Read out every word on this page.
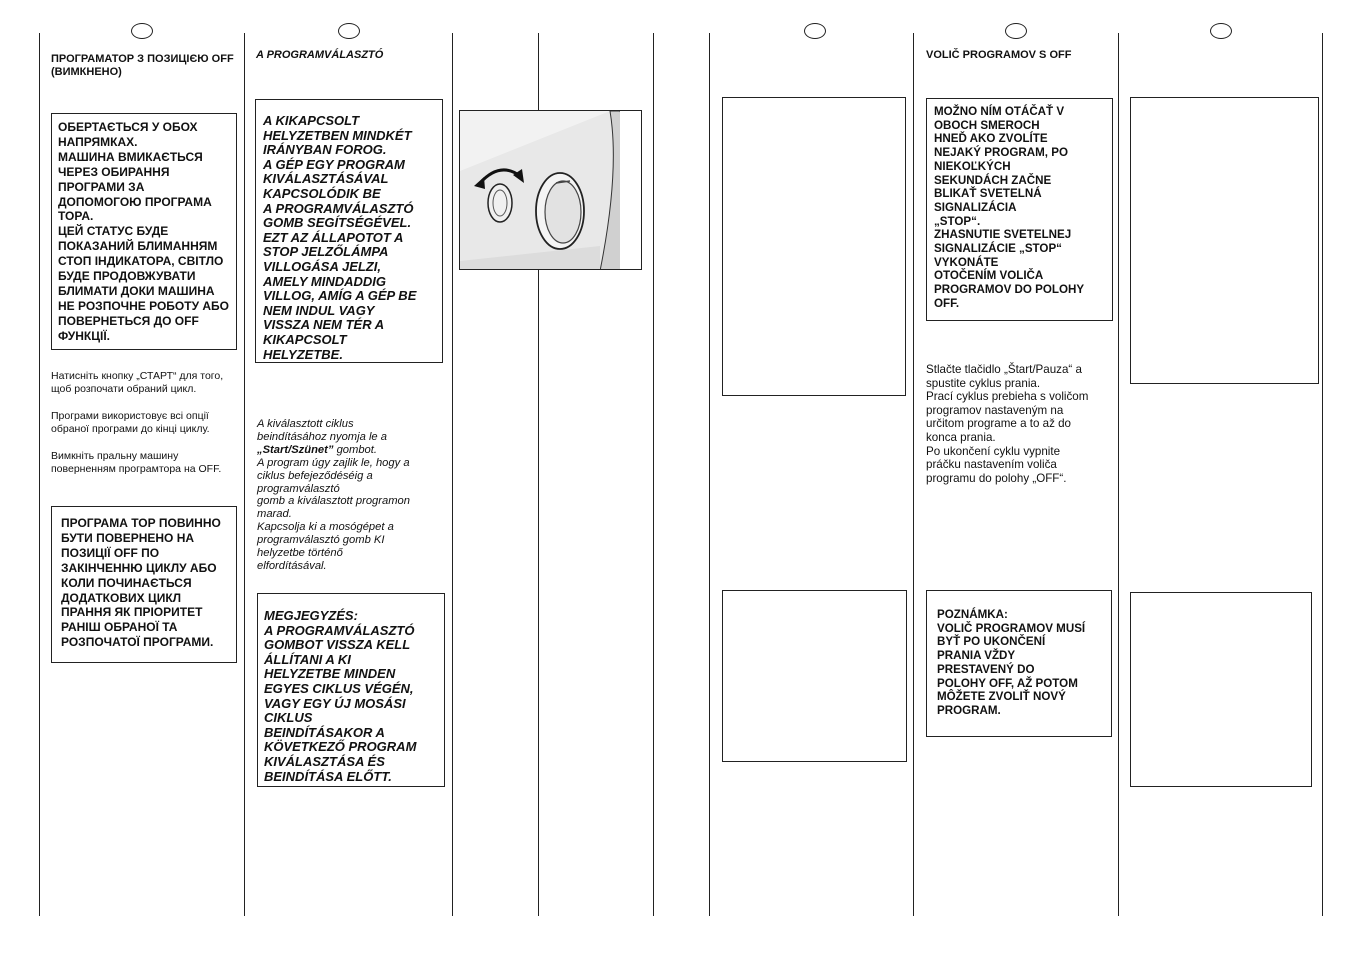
ПРОГРАМАТОР З ПОЗИЦІЄЮ OFF
(ВИМКНЕНО)
ОБЕРТАЄТЬСЯ У ОБОХ
НАПРЯМКАХ.
МАШИНА ВМИКАЄТЬСЯ
ЧЕРЕЗ ОБИРАННЯ
ПРОГРАМИ ЗА
ДОПОМОГОЮ ПРОГРАМА
ТОРА.
ЦЕЙ СТАТУС БУДЕ
ПОКАЗАНИЙ БЛИМАННЯМ
СТОП ІНДИКАТОРА, СВІТЛО
БУДЕ ПРОДОВЖУВАТИ
БЛИМАТИ ДОКИ МАШИНА
НЕ РОЗПОЧНЕ РОБОТУ АБО
ПОВЕРНЕТЬСЯ ДО OFF
ФУНКЦІЇ.
Натисніть кнопку „СТАРТ“ для того,
щоб розпочати обраний цикл.
Програми використовує всі опції
обраної програми до кінці циклу.
Вимкніть пральну машину
поверненням програмтора на OFF.
ПРОГРАМА ТОР ПОВИННО
БУТИ ПОВЕРНЕНО НА
ПОЗИЦІЇ OFF ПО
ЗАКІНЧЕННЮ ЦИКЛУ АБО
КОЛИ ПОЧИНАЄТЬСЯ
ДОДАТКОВИХ ЦИКЛ
ПРАННЯ ЯК ПРІОРИТЕТ
РАНІШ ОБРАНОЇ ТА
РОЗПОЧАТОЇ ПРОГРАМИ.
A PROGRAMVÁLASZTÓ
A KIKAPCSOLT
HELYZETBEN MINDKÉT
IRÁNYBAN FOROG.
A GÉP EGY PROGRAM
KIVÁLASZTÁSÁVAL
KAPCSOLÓDIK BE
A PROGRAMVÁLASZTÓ
GOMB SEGÍTSÉGÉVEL.
EZT AZ ÁLLAPOTOT A
STOP JELZŐLÁMPA
VILLOGÁSA JELZI,
AMELY MINDADDIG
VILLOG, AMÍG A GÉP BE
NEM INDUL VAGY
VISSZA NEM TÉR A
KIKAPCSOLT
HELYZETBE.
A kiválasztott ciklus
beindításához nyomja le a
„Start/Szünet” gombot.
A program úgy zajlik le, hogy a
ciklus befejeződéséig a
programválasztó
gomb a kiválasztott programon
marad.
Kapcsolja ki a mosógépet a
programválasztó gomb KI
helyzetbe történő
elfordításával.
MEGJEGYZÉS:
A PROGRAMVÁLASZTÓ
GOMBOT VISSZA KELL
ÁLLÍTANI A KI
HELYZETBE MINDEN
EGYES CIKLUS VÉGÉN,
VAGY EGY ÚJ MOSÁSI
CIKLUS
BEINDÍTÁSAKOR A
KÖVETKEZŐ PROGRAM
KIVÁLASZTÁSA ÉS
BEINDÍTÁSA ELŐTT.
VOLIČ PROGRAMOV S OFF
MOŽNO NÍM OTÁČAŤ V
OBOCH SMEROCH
HNEĎ AKO ZVOLÍTE
NEJAKÝ PROGRAM, PO
NIEKOĽKÝCH
SEKUNDÁCH ZAČNE
BLIKAŤ SVETELNÁ
SIGNALIZÁCIA
„STOP“.
ZHASNUTIE SVETELNEJ
SIGNALIZÁCIE „STOP“
VYKONÁTE
OTOČENÍM VOLIČA
PROGRAMOV DO POLOHY
OFF.
Stlačte tlačidlo „Štart/Pauza“ a
spustite cyklus prania.
Prací cyklus prebieha s voličom
programov nastaveným na
určitom programe a to až do
konca prania.
Po ukončení cyklu vypnite
práčku nastavením voliča
programu do polohy „OFF“.
POZNÁMKA:
VOLIČ PROGRAMOV MUSÍ
BYŤ PO UKONČENÍ
PRANIA VŽDY
PRESTAVENÝ DO
POLOHY OFF, AŽ POTOM
MÔŽETE ZVOLIŤ NOVÝ
PROGRAM.
